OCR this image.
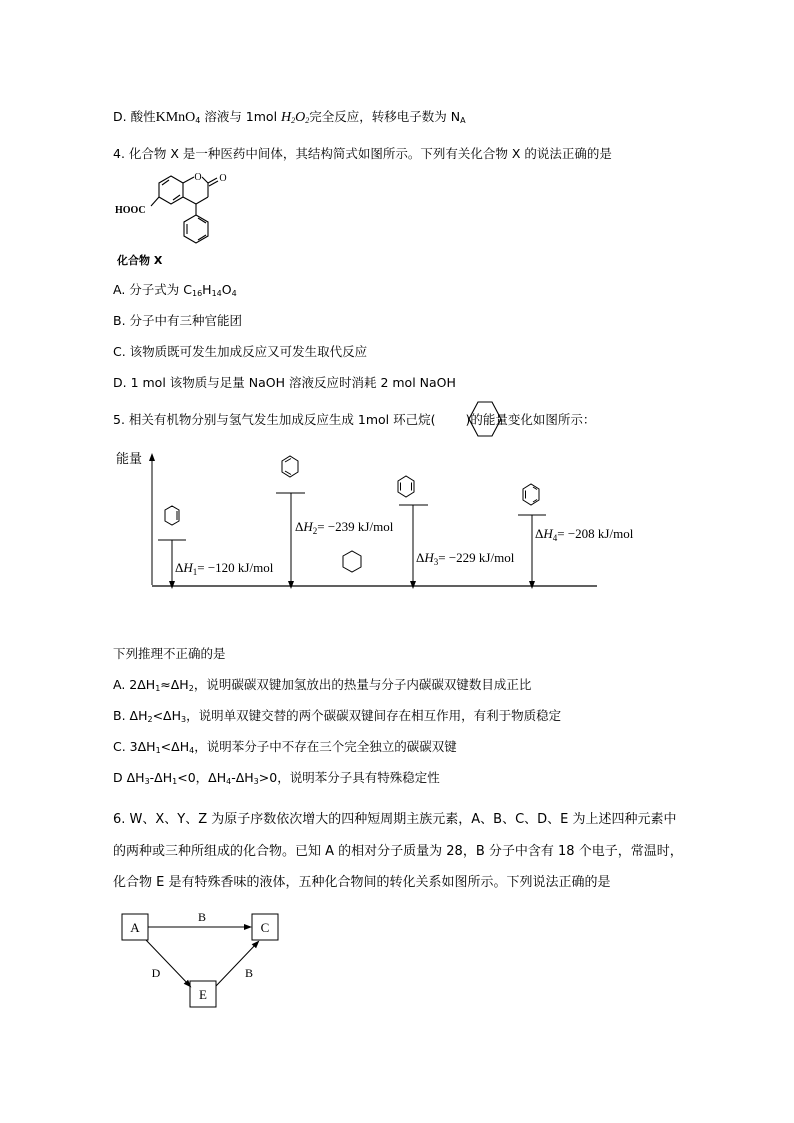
D. 酸性KMnO$_4$ 溶液与 1mol $H_2O_2$完全反应，转移电子数为 $N_A$
4. 化合物 X 是一种医药中间体，其结构简式如图所示。下列有关化合物 X 的说法正确的是
O O
HOOC
化合物 X
A. 分子式为 $C_{16}H_{14}O_4$
B. 分子中有三种官能团
C. 该物质既可发生加成反应又可发生取代反应
D. 1 mol 该物质与足量 NaOH 溶液反应时消耗 2 mol NaOH
5. 相关有机物分别与氢气发生加成反应生成 1mol 环己烷( )的能量变化如图所示：
能量
$\Delta H_1= -120$ kJ/mol
$\Delta H_2= -239$ kJ/mol
$\Delta H_3= -229$ kJ/mol
$\Delta H_4= -208$ kJ/mol
下列推理不正确的是
A. $2\Delta H_1\approx\Delta H_2$，说明碳碳双键加氢放出的热量与分子内碳碳双键数目成正比
B. $\Delta H_2<\Delta H_3$，说明单双键交替的两个碳碳双键间存在相互作用，有利于物质稳定
C. $3\Delta H_1<\Delta H_4$，说明苯分子中不存在三个完全独立的碳碳双键
D $\Delta H_3-\Delta H_1<0$，$\Delta H_4-\Delta H_3>0$，说明苯分子具有特殊稳定性
6. W、X、Y、Z 为原子序数依次增大的四种短周期主族元素，A、B、C、D、E 为上述四种元素中
的两种或三种所组成的化合物。已知 A 的相对分子质量为 28，B 分子中含有 18 个电子，常温时，
化合物 E 是有特殊香味的液体，五种化合物间的转化关系如图所示。下列说法正确的是
A	C
E
B
D	B
